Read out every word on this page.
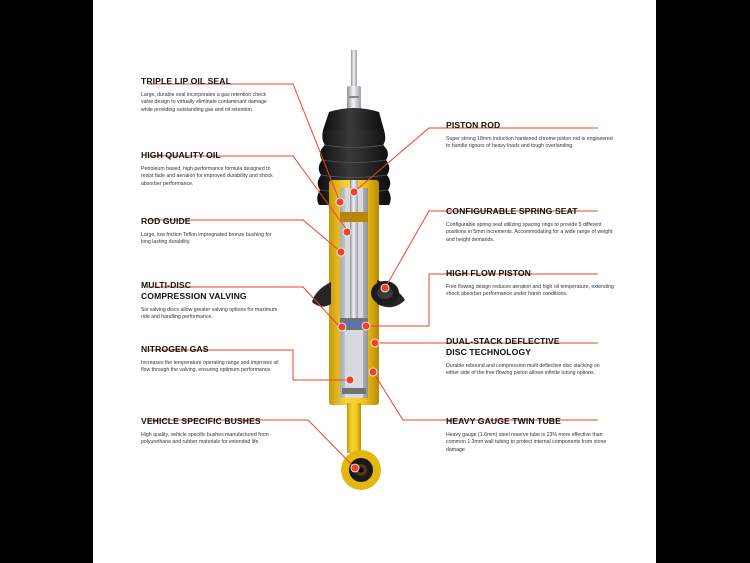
TRIPLE LIP OIL SEAL

Large, durable seal incorporates a gas retention check valve design to virtually eliminate contaminant damage while providing outstanding gas and oil retention.

HIGH QUALITY OIL

Petroleum based, high performance formula designed to resist fade and aeration for improved durability and shock absorber performance.

ROD GUIDE

Large, low friction Teflon impregnated bronze bushing for long lasting durability.

MULTI-DISC
COMPRESSION VALVING

Six valving discs allow greater valving options for maximum ride and handling performance.

NITROGEN GAS

Increases the temperature operating range and improves oil flow through the valving, ensuring optimum performance.

VEHICLE SPECIFIC BUSHES

High quality, vehicle specific bushes manufactured from polyurethane and rubber materials for extended life.

PISTON ROD

Super strong 18mm induction hardened chrome piston rod is engineered to handle rigours of heavy loads and tough overlanding.

CONFIGURABLE SPRING SEAT

Configurable spring seat utilizing spacing rings to provide 5 different positions in 5mm increments. Accommodating for a wide range of weight and height demands.

HIGH FLOW PISTON

Free flowing design reduces aeration and high oil temperature, extending shock absorber performance under harsh conditions.

DUAL-STACK DEFLECTIVE
DISC TECHNOLOGY

Durable rebound and compression multi deflective disc stacking on either side of the free flowing piston allows infinite tuning options.

HEAVY GAUGE TWIN TUBE

Heavy gauge (1.6mm) steel reserve tube is 23% more effective than common 1.3mm wall tubing to protect internal components from stone damage.
